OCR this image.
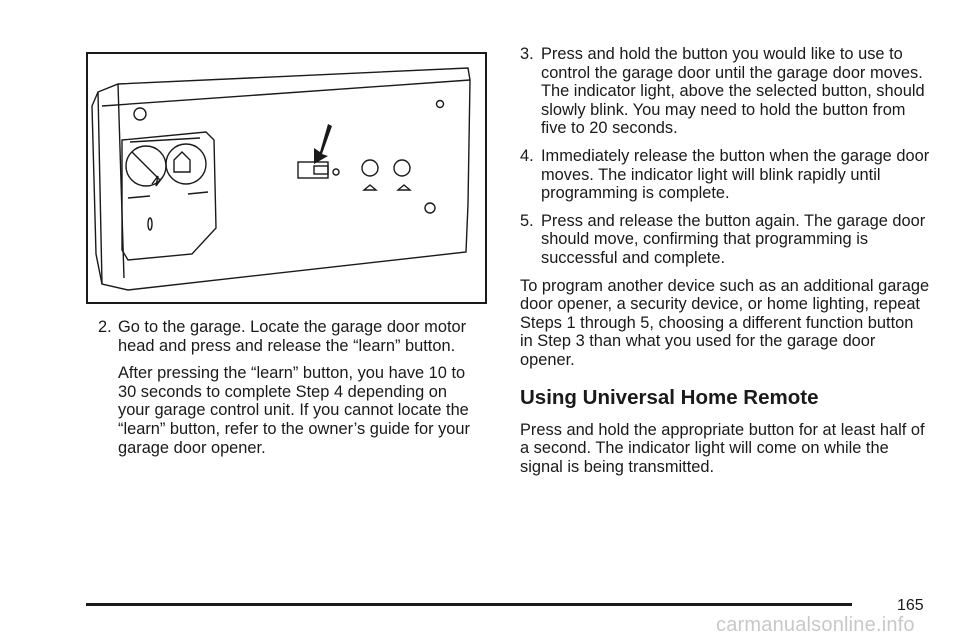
2. Go to the garage. Locate the garage door motor head and press and release the “learn” button.

After pressing the “learn” button, you have 10 to 30 seconds to complete Step 4 depending on your garage control unit. If you cannot locate the “learn” button, refer to the owner’s guide for your garage door opener.

3. Press and hold the button you would like to use to control the garage door until the garage door moves. The indicator light, above the selected button, should slowly blink. You may need to hold the button from five to 20 seconds.

4. Immediately release the button when the garage door moves. The indicator light will blink rapidly until programming is complete.

5. Press and release the button again. The garage door should move, confirming that programming is successful and complete.

To program another device such as an additional garage door opener, a security device, or home lighting, repeat Steps 1 through 5, choosing a different function button in Step 3 than what you used for the garage door opener.

Using Universal Home Remote

Press and hold the appropriate button for at least half of a second. The indicator light will come on while the signal is being transmitted.

165
carmanualsonline.info
